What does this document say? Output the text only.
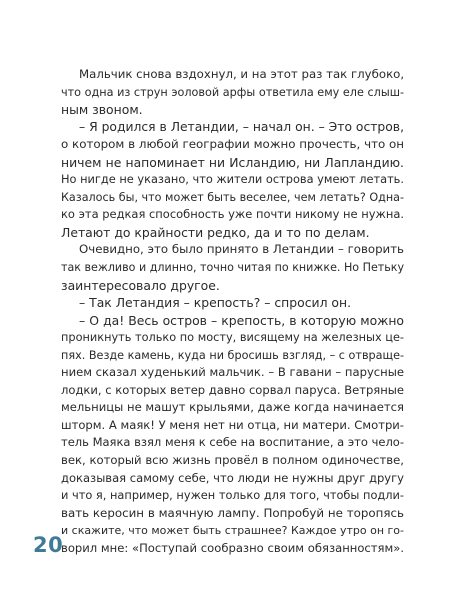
Мальчик снова вздохнул, и на этот раз так глубоко,
что одна из струн эоловой арфы ответила ему еле слыш-
ным звоном.
– Я родился в Летандии, – начал он. – Это остров,
о котором в любой географии можно прочесть, что он
ничем не напоминает ни Исландию, ни Лапландию.
Но нигде не указано, что жители острова умеют летать.
Казалось бы, что может быть веселее, чем летать? Одна-
ко эта редкая способность уже почти никому не нужна.
Летают до крайности редко, да и то по делам.
Очевидно, это было принято в Летандии – говорить
так вежливо и длинно, точно читая по книжке. Но Петьку
заинтересовало другое.
– Так Летандия – крепость? – спросил он.
– О да! Весь остров – крепость, в которую можно
проникнуть только по мосту, висящему на железных це-
пях. Везде камень, куда ни бросишь взгляд, – с отвраще-
нием сказал худенький мальчик. – В гавани – парусные
лодки, с которых ветер давно сорвал паруса. Ветряные
мельницы не машут крыльями, даже когда начинается
шторм. А маяк! У меня нет ни отца, ни матери. Смотри-
тель Маяка взял меня к себе на воспитание, а это чело-
век, который всю жизнь провёл в полном одиночестве,
доказывая самому себе, что люди не нужны друг другу
и что я, например, нужен только для того, чтобы подли-
вать керосин в маячную лампу. Попробуй не торопясь
и скажите, что может быть страшнее? Каждое утро он го-
ворил мне: «Поступай сообразно своим обязанностям».
20
